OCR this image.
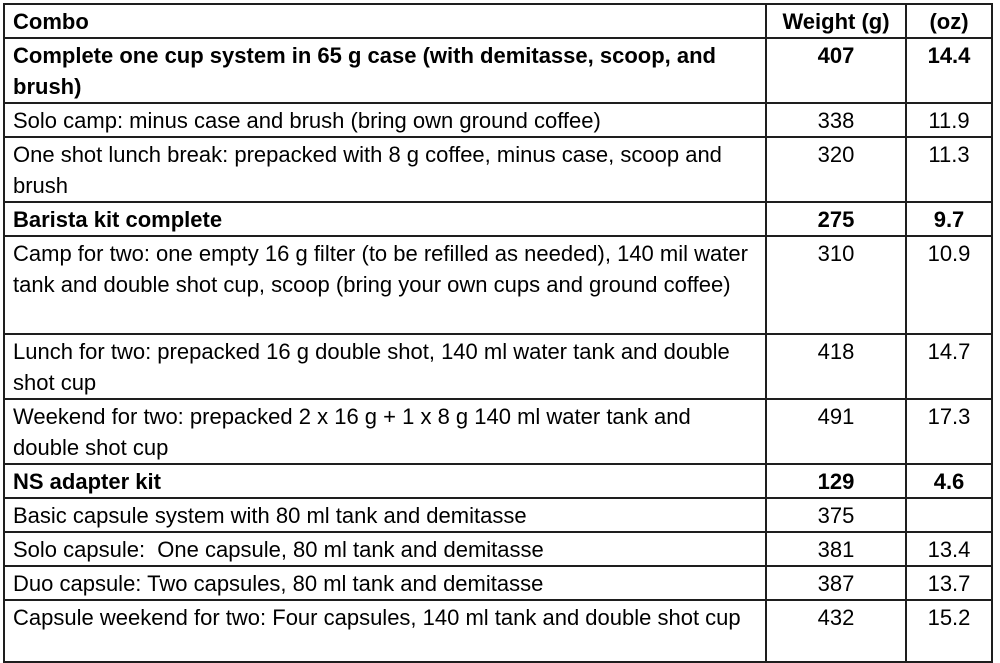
Combo	Weight (g)	(oz)
Complete one cup system in 65 g case (with demitasse, scoop, and brush)	407	14.4
Solo camp: minus case and brush (bring own ground coffee)	338	11.9
One shot lunch break: prepacked with 8 g coffee, minus case, scoop and brush	320	11.3
Barista kit complete	275	9.7
Camp for two: one empty 16 g filter (to be refilled as needed), 140 mil water tank and double shot cup, scoop (bring your own cups and ground coffee)	310	10.9
Lunch for two: prepacked 16 g double shot, 140 ml water tank and double shot cup	418	14.7
Weekend for two: prepacked 2 x 16 g + 1 x 8 g 140 ml water tank and double shot cup	491	17.3
NS adapter kit	129	4.6
Basic capsule system with 80 ml tank and demitasse	375	
Solo capsule:  One capsule, 80 ml tank and demitasse	381	13.4
Duo capsule: Two capsules, 80 ml tank and demitasse	387	13.7
Capsule weekend for two: Four capsules, 140 ml tank and double shot cup	432	15.2
